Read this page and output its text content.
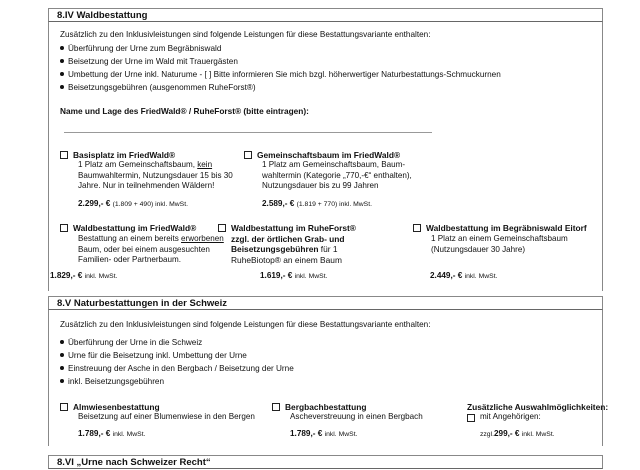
8.IV Waldbestattung
Zusätzlich zu den Inklusivleistungen sind folgende Leistungen für diese Bestattungsvariante enthalten:
Überführung der Urne zum Begräbniswald
Beisetzung der Urne im Wald mit Trauergästen
Umbettung der Urne inkl. Naturume - [ ] Bitte informieren Sie mich bzgl. höherwertiger Naturbestattungs-Schmuckurnen
Beisetzungsgebühren (ausgenommen RuheForst®)
Name und Lage des FriedWald® / RuheForst® (bitte eintragen):
Basisplatz im FriedWald®
1 Platz am Gemeinschaftsbaum, kein
Baumwahltermin, Nutzungsdauer 15 bis 30
Jahre. Nur in teilnehmenden Wäldern!
2.299,- € (1.809 + 490) inkl. MwSt.
Gemeinschaftsbaum im FriedWald®
1 Platz am Gemeinschaftsbaum, Baum-
wahltermin (Kategorie „770,-€“ enthalten),
Nutzungsdauer bis zu 99 Jahren
2.589,- € (1.819 + 770) inkl. MwSt.
Waldbestattung im FriedWald®
Bestattung an einem bereits erworbenen
Baum, oder bei einem ausgesuchten
Familien- oder Partnerbaum.
1.829,- € inkl. MwSt.
Waldbestattung im RuheForst®
zzgl. der örtlichen Grab- und
Beisetzungsgebühren für 1
RuheBiotop® an einem Baum
1.619,- € inkl. MwSt.
Waldbestattung im Begräbniswald Eitorf
1 Platz an einem Gemeinschaftsbaum
(Nutzungsdauer 30 Jahre)
2.449,- € inkl. MwSt.
8.V Naturbestattungen in der Schweiz
Zusätzlich zu den Inklusivleistungen sind folgende Leistungen für diese Bestattungsvariante enthalten:
Überführung der Urne in die Schweiz
Urne für die Beisetzung inkl. Umbettung der Urne
Einstreuung der Asche in den Bergbach / Beisetzung der Urne
inkl. Beisetzungsgebühren
Almwiesenbestattung
Beisetzung auf einer Blumenwiese in den Bergen
1.789,- € inkl. MwSt.
Bergbachbestattung
Ascheverstreuung in einen Bergbach
1.789,- € inkl. MwSt.
Zusätzliche Auswahlmöglichkeiten:
mit Angehörigen:
zzgl.299,- € inkl. MwSt.
8.VI „Urne nach Schweizer Recht“
